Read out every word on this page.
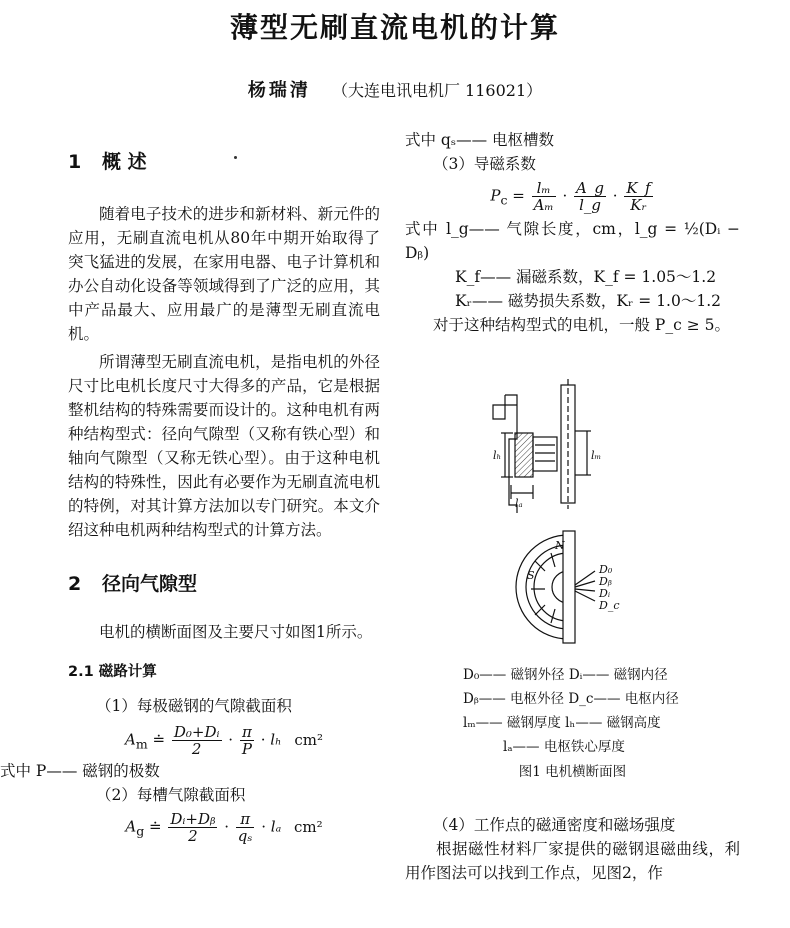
薄型无刷直流电机的计算
杨瑞清 （大连电讯电机厂 116021）
1 概 述

随着电子技术的进步和新材料、新元件的应用，无刷直流电机从80年中期开始取得了突飞猛进的发展，在家用电器、电子计算机和办公自动化设备等领域得到了广泛的应用，其中产品最大、应用最广的是薄型无刷直流电机。

所谓薄型无刷直流电机，是指电机的外径尺寸比电机长度尺寸大得多的产品，它是根据整机结构的特殊需要而设计的。这种电机有两种结构型式：径向气隙型（又称有铁心型）和轴向气隙型（又称无铁心型）。由于这种电机结构的特殊性，因此有必要作为无刷直流电机的特例，对其计算方法加以专门研究。本文介绍这种电机两种结构型式的计算方法。

2 径向气隙型

电机的横断面图及主要尺寸如图1所示。

2.1 磁路计算

（1）每极磁钢的气隙截面积

$A_m$ ≐ $\frac{\text{D₀+Dᵢ}}{2} \cdot \frac{\pi}{P} \cdot l_h$ cm²

式中 P—— 磁钢的极数

（2）每槽气隙截面积

$A_g$ ≐ $\frac{\text{Dᵢ+Dᵦ}}{2} \cdot \frac{\pi}{\text{qₛ}} \cdot l_a$ cm²

式中 qₛ—— 电枢槽数

（3）导磁系数

$P_c = \frac{\text{lₘ}}{\text{Aₘ}} \cdot \frac{A\_g}{l\_g} \cdot \frac{K\_f}{\text{Kᵣ}}$

式中 l_g—— 气隙长度，cm，l_g = ½(Dᵢ − Dᵦ)

K_f—— 漏磁系数，K_f = 1.05～1.2

Kᵣ—— 磁势损失系数，Kᵣ = 1.0～1.2

对于这种结构型式的电机，一般 P_c ≥ 5。

lₕ	lₘ
lₐ
S
N
D₀
Dᵦ
Dᵢ
D_c
D₀—— 磁钢外径 Dᵢ—— 磁钢内径
Dᵦ—— 电枢外径 D_c—— 电枢内径
lₘ—— 磁钢厚度 lₕ—— 磁钢高度
lₐ—— 电枢铁心厚度
图1 电机横断面图

（4）工作点的磁通密度和磁场强度

根据磁性材料厂家提供的磁钢退磁曲线，利用作图法可以找到工作点，见图2，作
